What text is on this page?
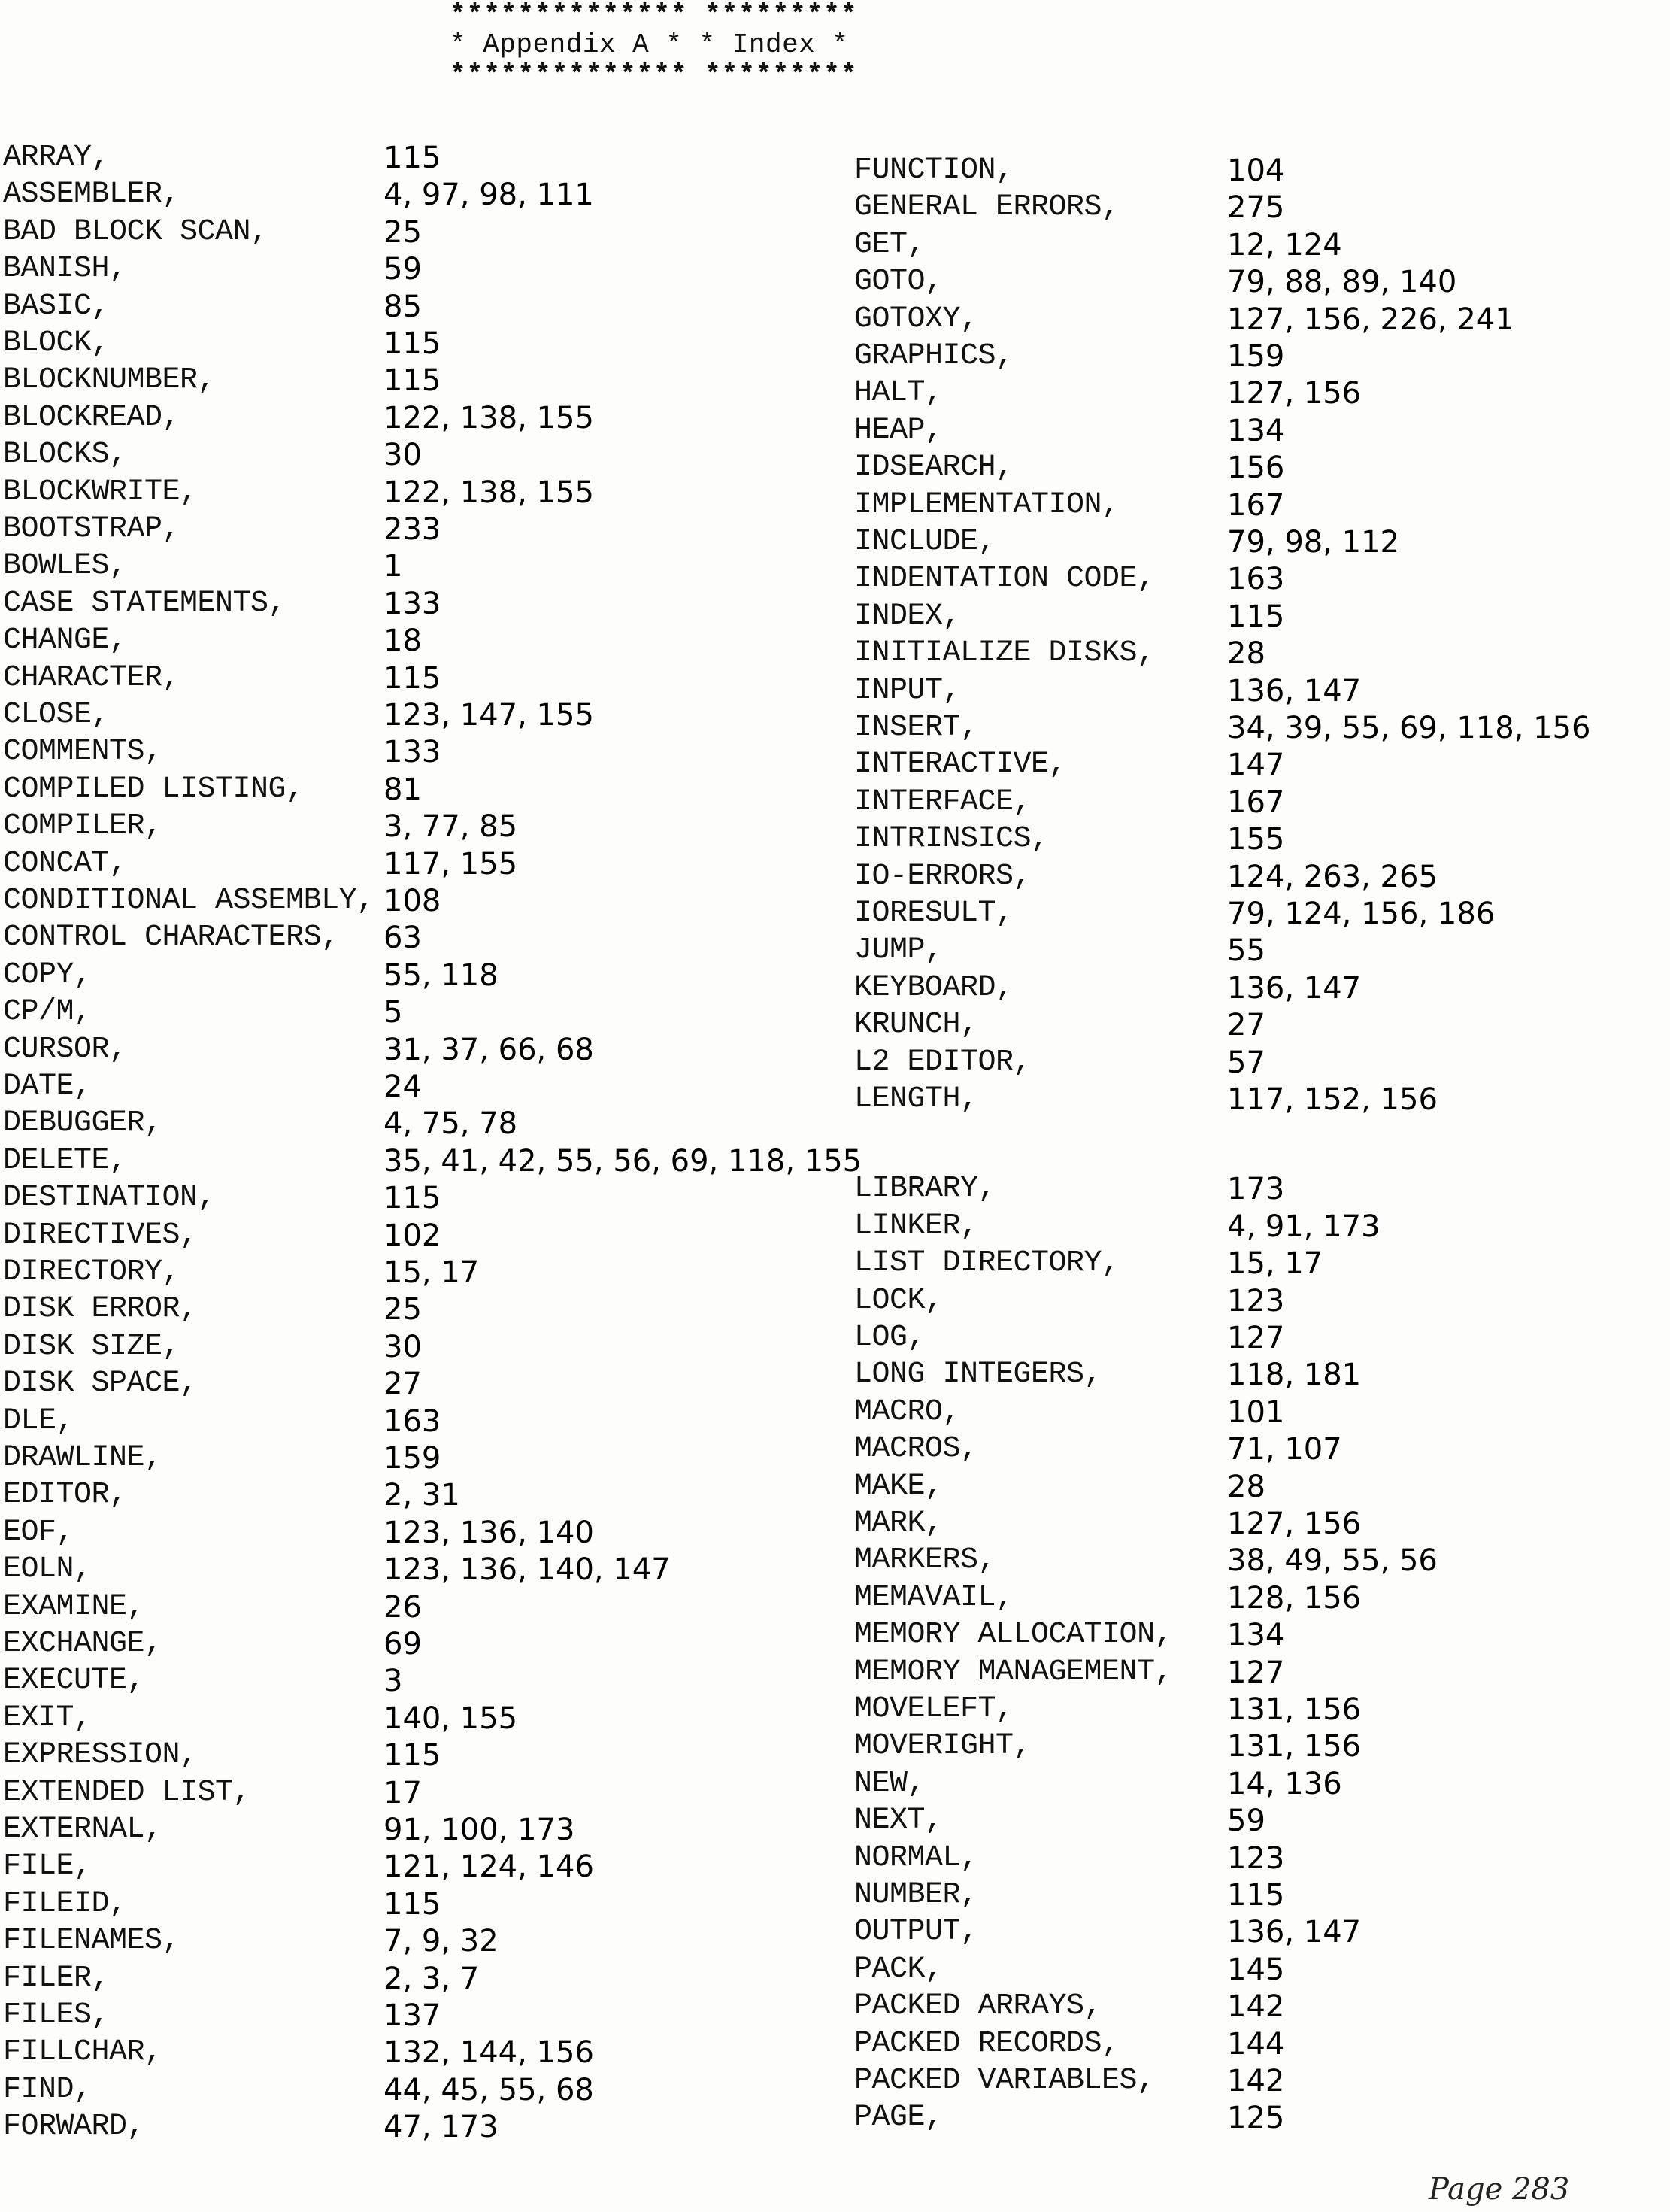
************** *********
* Appendix A * * Index *
************** *********
ARRAY,	115
ASSEMBLER,	4, 97, 98, 111
BAD BLOCK SCAN,	25
BANISH,	59
BASIC,	85
BLOCK,	115
BLOCKNUMBER,	115
BLOCKREAD,	122, 138, 155
BLOCKS,	30
BLOCKWRITE,	122, 138, 155
BOOTSTRAP,	233
BOWLES,	1
CASE STATEMENTS,	133
CHANGE,	18
CHARACTER,	115
CLOSE,	123, 147, 155
COMMENTS,	133
COMPILED LISTING,	81
COMPILER,	3, 77, 85
CONCAT,	117, 155
CONDITIONAL ASSEMBLY, 108
CONTROL CHARACTERS, 63
COPY,	55, 118
CP/M,	5
CURSOR,	31, 37, 66, 68
DATE,	24
DEBUGGER,	4, 75, 78
DELETE,	35, 41, 42, 55, 56, 69, 118, 155
DESTINATION,	115
DIRECTIVES,	102
DIRECTORY,	15, 17
DISK ERROR,	25
DISK SIZE,	30
DISK SPACE,	27
DLE,	163
DRAWLINE,	159
EDITOR,	2, 31
EOF,	123, 136, 140
EOLN,	123, 136, 140, 147
EXAMINE,	26
EXCHANGE,	69
EXECUTE,	3
EXIT,	140, 155
EXPRESSION,	115
EXTENDED LIST,	17
EXTERNAL,	91, 100, 173
FILE,	121, 124, 146
FILEID,	115
FILENAMES,	7, 9, 32
FILER,	2, 3, 7
FILES,	137
FILLCHAR,	132, 144, 156
FIND,	44, 45, 55, 68
FORWARD,	47, 173
FUNCTION,	104
GENERAL ERRORS,	275
GET,	12, 124
GOTO,	79, 88, 89, 140
GOTOXY,	127, 156, 226, 241
GRAPHICS,	159
HALT,	127, 156
HEAP,	134
IDSEARCH,	156
IMPLEMENTATION,	167
INCLUDE,	79, 98, 112
INDENTATION CODE, 163
INDEX,	115
INITIALIZE DISKS, 28
INPUT,	136, 147
INSERT,	34, 39, 55, 69, 118, 156
INTERACTIVE,	147
INTERFACE,	167
INTRINSICS,	155
IO-ERRORS,	124, 263, 265
IORESULT,	79, 124, 156, 186
JUMP,	55
KEYBOARD,	136, 147
KRUNCH,	27
L2 EDITOR,	57
LENGTH,	117, 152, 156
LIBRARY,	173
LINKER,	4, 91, 173
LIST DIRECTORY,	15, 17
LOCK,	123
LOG,	127
LONG INTEGERS,	118, 181
MACRO,	101
MACROS,	71, 107
MAKE,	28
MARK,	127, 156
MARKERS,	38, 49, 55, 56
MEMAVAIL,	128, 156
MEMORY ALLOCATION, 134
MEMORY MANAGEMENT, 127
MOVELEFT,	131, 156
MOVERIGHT,	131, 156
NEW,	14, 136
NEXT,	59
NORMAL,	123
NUMBER,	115
OUTPUT,	136, 147
PACK,	145
PACKED ARRAYS,	142
PACKED RECORDS,	144
PACKED VARIABLES, 142
PAGE,	125
Page 283
